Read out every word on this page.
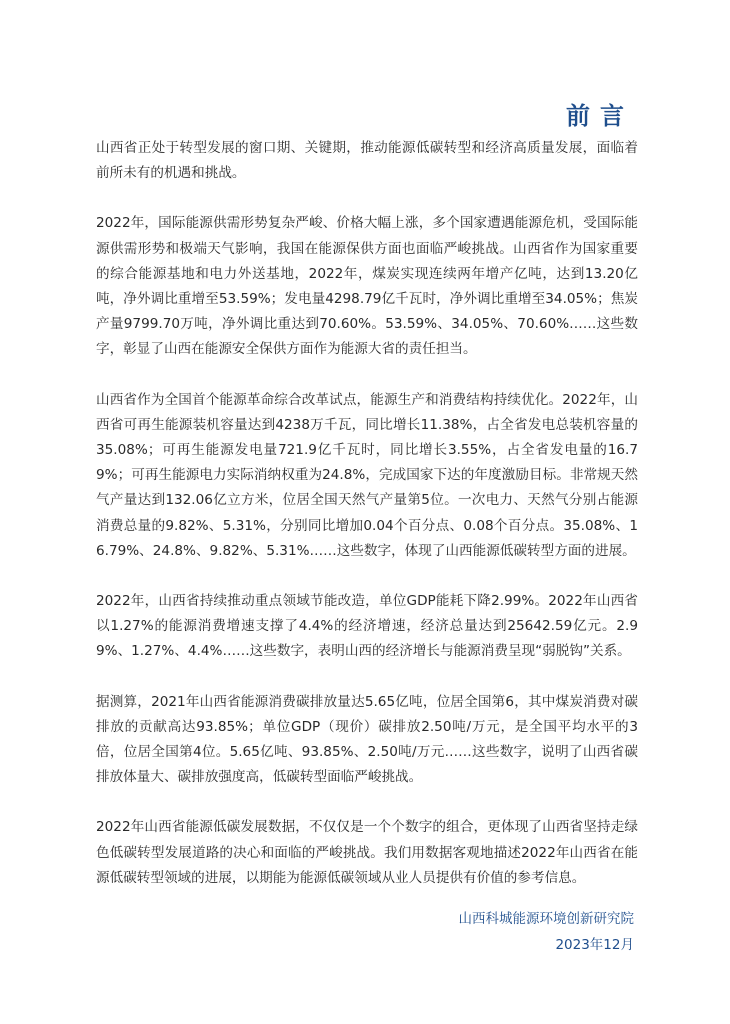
前言

山西省正处于转型发展的窗口期、关键期，推动能源低碳转型和经济高质量发展，面临着前所未有的机遇和挑战。

2022年，国际能源供需形势复杂严峻、价格大幅上涨，多个国家遭遇能源危机，受国际能源供需形势和极端天气影响，我国在能源保供方面也面临严峻挑战。山西省作为国家重要的综合能源基地和电力外送基地，2022年，煤炭实现连续两年增产亿吨，达到13.20亿吨，净外调比重增至53.59%；发电量4298.79亿千瓦时，净外调比重增至34.05%；焦炭产量9799.70万吨，净外调比重达到70.60%。53.59%、34.05%、70.60%……这些数字，彰显了山西在能源安全保供方面作为能源大省的责任担当。

山西省作为全国首个能源革命综合改革试点，能源生产和消费结构持续优化。2022年，山西省可再生能源装机容量达到4238万千瓦，同比增长11.38%，占全省发电总装机容量的35.08%；可再生能源发电量721.9亿千瓦时，同比增长3.55%，占全省发电量的16.79%；可再生能源电力实际消纳权重为24.8%，完成国家下达的年度激励目标。非常规天然气产量达到132.06亿立方米，位居全国天然气产量第5位。一次电力、天然气分别占能源消费总量的9.82%、5.31%，分别同比增加0.04个百分点、0.08个百分点。35.08%、16.79%、24.8%、9.82%、5.31%……这些数字，体现了山西能源低碳转型方面的进展。

2022年，山西省持续推动重点领域节能改造，单位GDP能耗下降2.99%。2022年山西省以1.27%的能源消费增速支撑了4.4%的经济增速，经济总量达到25642.59亿元。2.99%、1.27%、4.4%……这些数字，表明山西的经济增长与能源消费呈现“弱脱钩”关系。

据测算，2021年山西省能源消费碳排放量达5.65亿吨，位居全国第6，其中煤炭消费对碳排放的贡献高达93.85%；单位GDP（现价）碳排放2.50吨/万元，是全国平均水平的3倍，位居全国第4位。5.65亿吨、93.85%、2.50吨/万元……这些数字，说明了山西省碳排放体量大、碳排放强度高，低碳转型面临严峻挑战。

2022年山西省能源低碳发展数据，不仅仅是一个个数字的组合，更体现了山西省坚持走绿色低碳转型发展道路的决心和面临的严峻挑战。我们用数据客观地描述2022年山西省在能源低碳转型领域的进展，以期能为能源低碳领域从业人员提供有价值的参考信息。

山西科城能源环境创新研究院

2023年12月
